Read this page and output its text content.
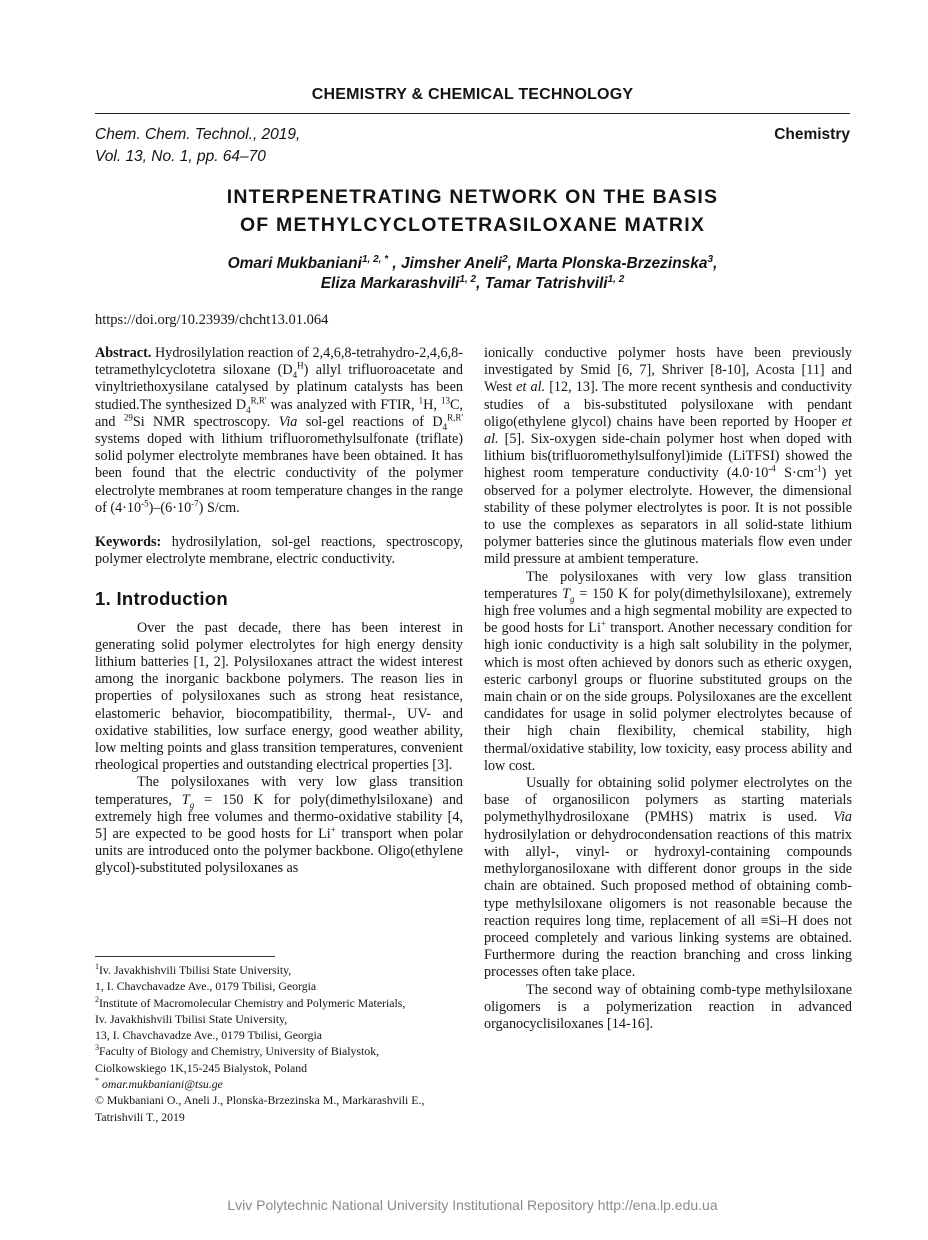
CHEMISTRY & CHEMICAL TECHNOLOGY
Chem. Chem. Technol., 2019,
Vol. 13, No. 1, pp. 64–70
Chemistry
INTERPENETRATING NETWORK ON THE BASIS
OF METHYLCYCLOTETRASILOXANE MATRIX
Omari Mukbaniani$^{1, 2, *}$ , Jimsher Aneli$^2$, Marta Plonska-Brzezinska$^3$,
Eliza Markarashvili$^{1, 2}$, Tamar Tatrishvili$^{1, 2}$
https://doi.org/10.23939/chcht13.01.064

Abstract. Hydrosilylation reaction of 2,4,6,8-tetrahydro-2,4,6,8-tetramethylcyclotetra siloxane $(D_4^H)$ allyl trifluoroacetate and vinyltriethoxysilane catalysed by platinum catalysts has been studied.The synthesized $D_4^{R,R'}$ was analyzed with FTIR, $^1$H, $^{13}$C, and $^{29}$Si NMR spectroscopy. Via sol-gel reactions of $D_4^{R,R'}$ systems doped with lithium trifluoromethylsulfonate (triflate) solid polymer electrolyte membranes have been obtained. It has been found that the electric conductivity of the polymer electrolyte membranes at room temperature changes in the range of $(4\cdot 10^{-5})-(6\cdot 10^{-7})$ S/cm.

Keywords: hydrosilylation, sol-gel reactions, spectroscopy, polymer electrolyte membrane, electric conductivity.

1. Introduction

Over the past decade, there has been interest in generating solid polymer electrolytes for high energy density lithium batteries [1, 2]. Polysiloxanes attract the widest interest among the inorganic backbone polymers. The reason lies in properties of polysiloxanes such as strong heat resistance, elastomeric behavior, biocompatibility, thermal-, UV- and oxidative stabilities, low surface energy, good weather ability, low melting points and glass transition temperatures, convenient rheological properties and outstanding electrical properties [3].

The polysiloxanes with very low glass transition temperatures, $T_g = 150$ K for poly(dimethylsiloxane) and extremely high free volumes and thermo-oxidative stability [4, 5] are expected to be good hosts for Li+ transport when polar units are introduced onto the polymer backbone. Oligo(ethylene glycol)-substituted polysiloxanes as

$^1$Iv. Javakhishvili Tbilisi State University,
1, I. Chavchavadze Ave., 0179 Tbilisi, Georgia
$^2$Institute of Macromolecular Chemistry and Polymeric Materials,
Iv. Javakhishvili Tbilisi State University,
13, I. Chavchavadze Ave., 0179 Tbilisi, Georgia
$^3$Faculty of Biology and Chemistry, University of Bialystok,
Ciolkowskiego 1K,15-245 Bialystok, Poland
* omar.mukbaniani@tsu.ge
© Mukbaniani O., Aneli J., Plonska-Brzezinska M., Markarashvili E.,
Tatrishvili T., 2019

ionically conductive polymer hosts have been previously investigated by Smid [6, 7], Shriver [8-10], Acosta [11] and West et al. [12, 13]. The more recent synthesis and conductivity studies of a bis-substituted polysiloxane with pendant oligo(ethylene glycol) chains have been reported by Hooper et al. [5]. Six-oxygen side-chain polymer host when doped with lithium bis(trifluoromethylsulfonyl)imide (LiTFSI) showed the highest room temperature conductivity ($4.0\cdot 10^{-4}$ $S\cdot cm^{-1}$) yet observed for a polymer electrolyte. However, the dimensional stability of these polymer electrolytes is poor. It is not possible to use the complexes as separators in all solid-state lithium polymer batteries since the glutinous materials flow even under mild pressure at ambient temperature.

The polysiloxanes with very low glass transition temperatures $T_g = 150$ K for poly(dimethylsiloxane), extremely high free volumes and a high segmental mobility are expected to be good hosts for Li+ transport. Another necessary condition for high ionic conductivity is a high salt solubility in the polymer, which is most often achieved by donors such as etheric oxygen, esteric carbonyl groups or fluorine substituted groups on the main chain or on the side groups. Polysiloxanes are the excellent candidates for usage in solid polymer electrolytes because of their high chain flexibility, chemical stability, high thermal/oxidative stability, low toxicity, easy process ability and low cost.

Usually for obtaining solid polymer electrolytes on the base of organosilicon polymers as starting materials polymethylhydrosiloxane (PMHS) matrix is used. Via hydrosilylation or dehydrocondensation reactions of this matrix with allyl-, vinyl- or hydroxyl-containing compounds methylorganosiloxane with different donor groups in the side chain are obtained. Such proposed method of obtaining comb-type methylsiloxane oligomers is not reasonable because the reaction requires long time, replacement of all ≡Si–H does not proceed completely and various linking systems are obtained. Furthermore during the reaction branching and cross linking processes often take place.

The second way of obtaining comb-type methylsiloxane oligomers is a polymerization reaction in advanced organocyclisiloxanes [14-16].

Lviv Polytechnic National University Institutional Repository http://ena.lp.edu.ua
